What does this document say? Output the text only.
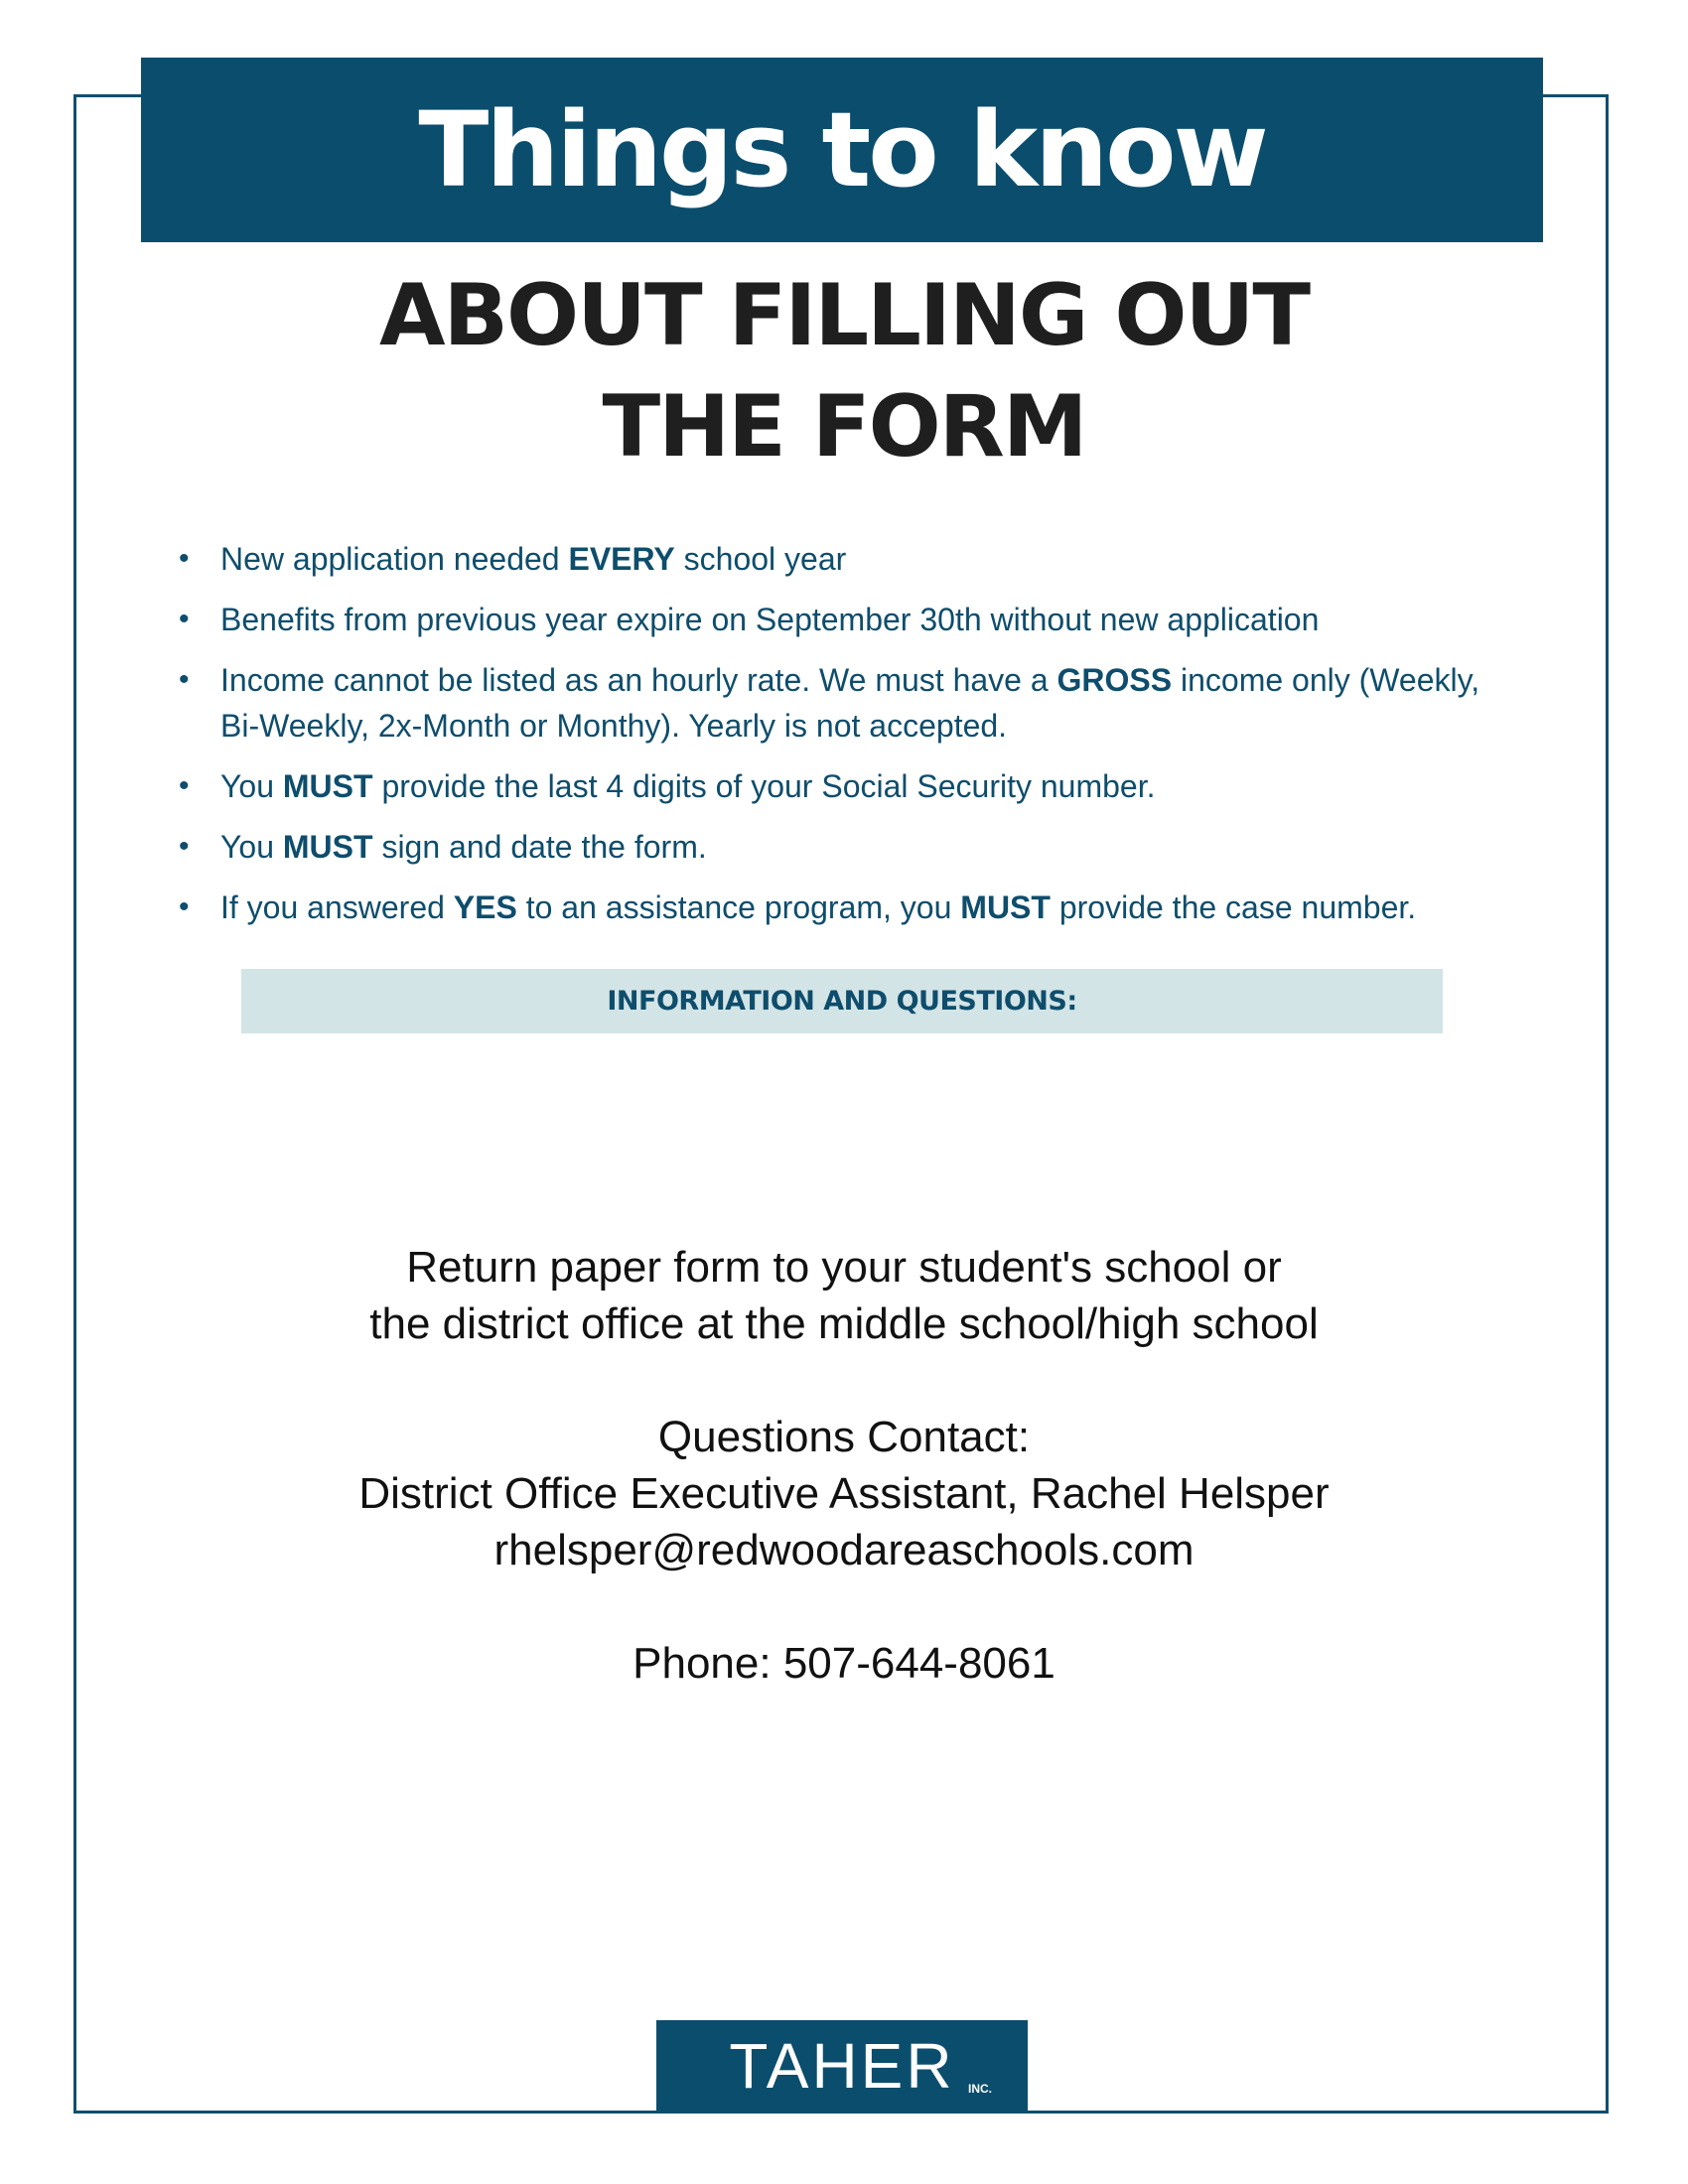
Things to know
ABOUT FILLING OUT
THE FORM
• New application needed EVERY school year
• Benefits from previous year expire on September 30th without new application
• Income cannot be listed as an hourly rate. We must have a GROSS income only (Weekly, Bi-Weekly, 2x-Month or Monthy). Yearly is not accepted.
• You MUST provide the last 4 digits of your Social Security number.
• You MUST sign and date the form.
• If you answered YES to an assistance program, you MUST provide the case number.
INFORMATION AND QUESTIONS:
Return paper form to your student's school or
the district office at the middle school/high school
Questions Contact:
District Office Executive Assistant, Rachel Helsper
rhelsper@redwoodareaschools.com
Phone: 507-644-8061
TAHER INC.
